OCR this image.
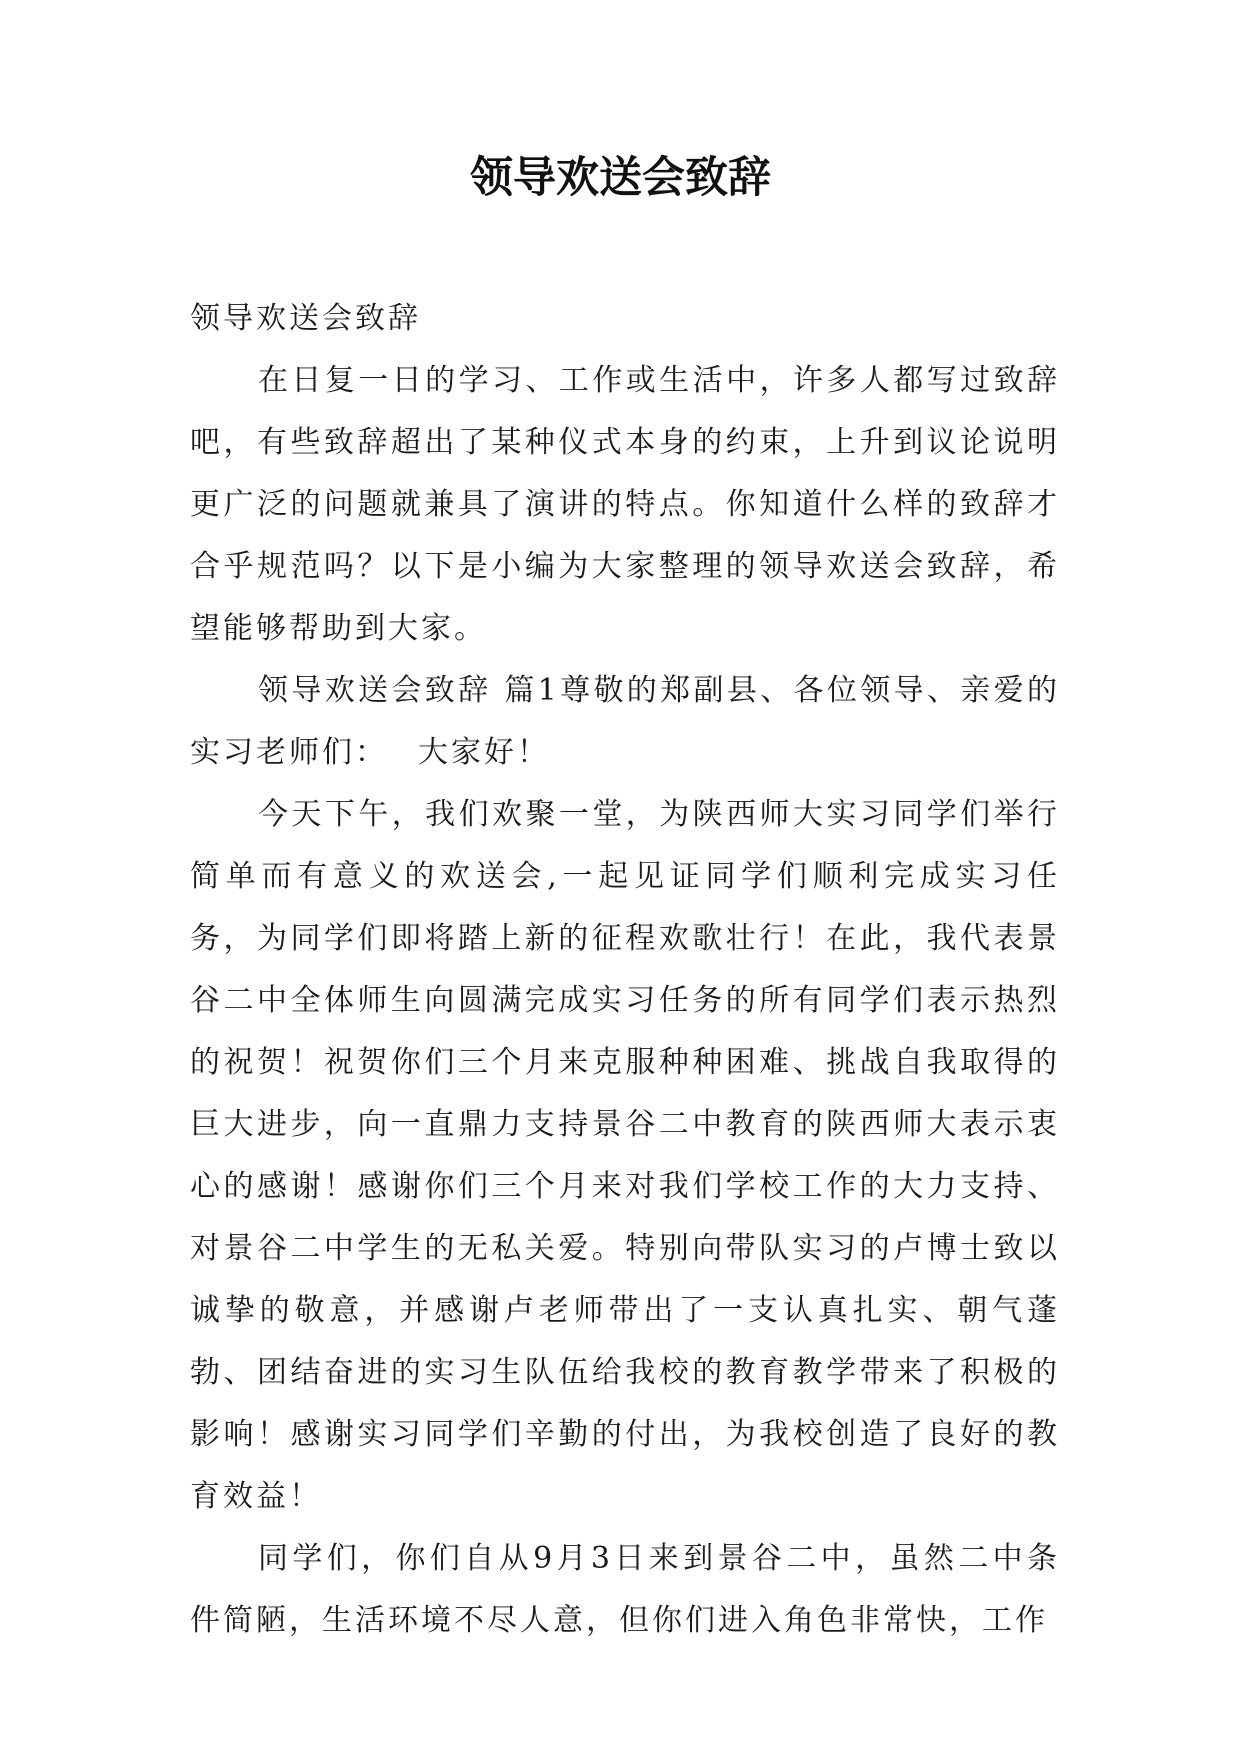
领导欢送会致辞

领导欢送会致辞

在日复一日的学习、工作或生活中，许多人都写过致辞吧，有些致辞超出了某种仪式本身的约束，上升到议论说明更广泛的问题就兼具了演讲的特点。你知道什么样的致辞才合乎规范吗？以下是小编为大家整理的领导欢送会致辞，希望能够帮助到大家。

领导欢送会致辞 篇1尊敬的郑副县、各位领导、亲爱的实习老师们： 大家好！

今天下午，我们欢聚一堂，为陕西师大实习同学们举行简单而有意义的欢送会,一起见证同学们顺利完成实习任务，为同学们即将踏上新的征程欢歌壮行！在此，我代表景谷二中全体师生向圆满完成实习任务的所有同学们表示热烈的祝贺！祝贺你们三个月来克服种种困难、挑战自我取得的巨大进步，向一直鼎力支持景谷二中教育的陕西师大表示衷心的感谢！感谢你们三个月来对我们学校工作的大力支持、对景谷二中学生的无私关爱。特别向带队实习的卢博士致以诚挚的敬意，并感谢卢老师带出了一支认真扎实、朝气蓬勃、团结奋进的实习生队伍给我校的教育教学带来了积极的影响！感谢实习同学们辛勤的付出，为我校创造了良好的教育效益！

同学们，你们自从9月3日来到景谷二中，虽然二中条件简陋，生活环境不尽人意，但你们进入角色非常快，工作
